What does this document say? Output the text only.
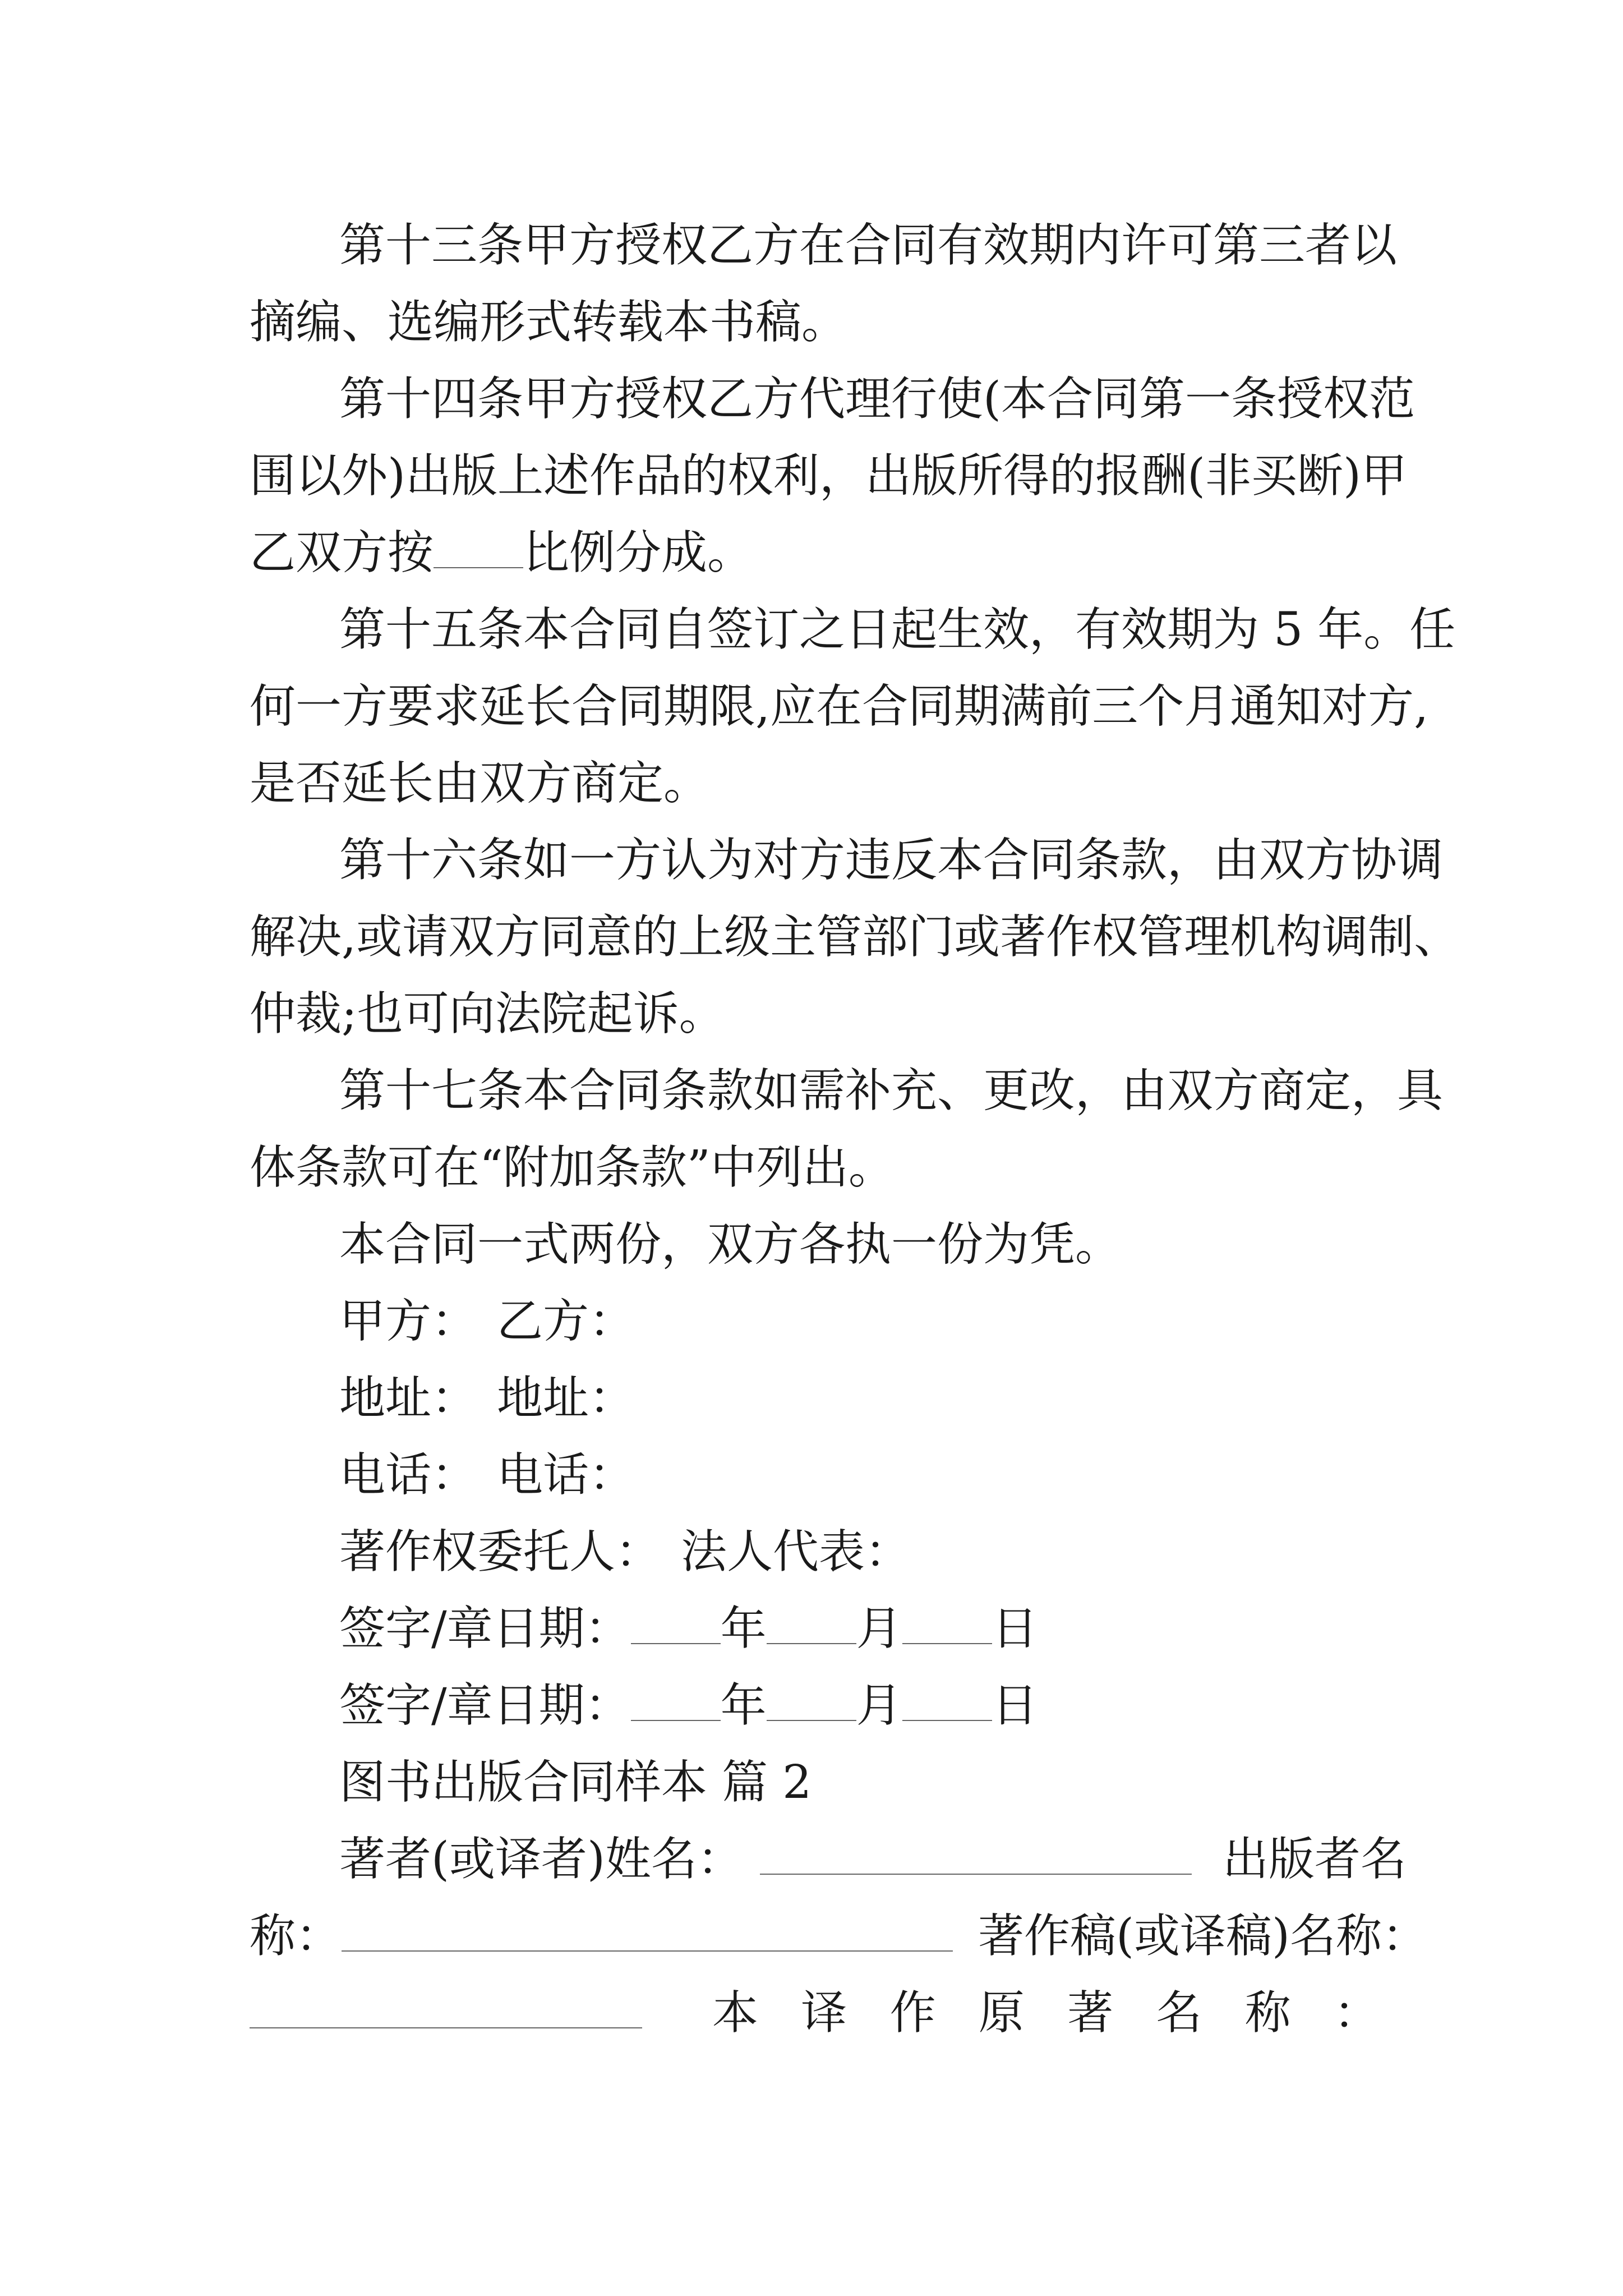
第十三条甲方授权乙方在合同有效期内许可第三者以
摘编、选编形式转载本书稿。
第十四条甲方授权乙方代理行使(本合同第一条授权范
围以外)出版上述作品的权利，出版所得的报酬(非买断)甲
乙双方按 比例分成。
第十五条本合同自签订之日起生效，有效期为 5 年。任
何一方要求延长合同期限,应在合同期满前三个月通知对方,
是否延长由双方商定。
第十六条如一方认为对方违反本合同条款，由双方协调
解决,或请双方同意的上级主管部门或著作权管理机构调制、
仲裁;也可向法院起诉。
第十七条本合同条款如需补充、更改，由双方商定，具
体条款可在“附加条款”中列出。
本合同一式两份，双方各执一份为凭。
甲方： 乙方：
地址： 地址：
电话： 电话：
著作权委托人： 法人代表：
签字/章日期： 年 月 日
签字/章日期： 年 月 日
图书出版合同样本 篇 2
著者(或译者)姓名：	出版者名
称：	著作稿(或译稿)名称：
本 译 作 原 著 名 称 ：
